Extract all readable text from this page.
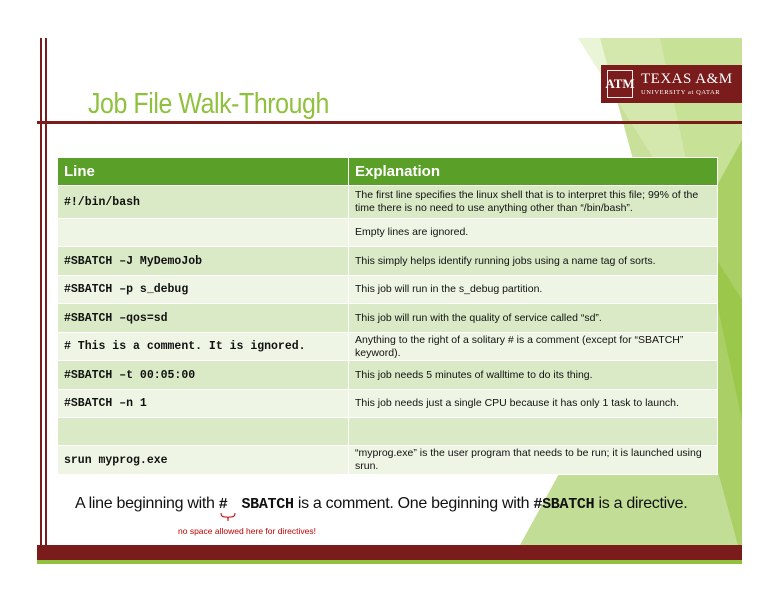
ATM TEXAS A&M
UNIVERSITY at QATAR
Job File Walk-Through
Line	Explanation
#!/bin/bash	The first line specifies the linux shell that is to interpret this file; 99% of the time there is no need to use anything other than “/bin/bash”.
	Empty lines are ignored.
#SBATCH –J MyDemoJob	This simply helps identify running jobs using a name tag of sorts.
#SBATCH –p s_debug	This job will run in the s_debug partition.
#SBATCH –qos=sd	This job will run with the quality of service called “sd”.
# This is a comment. It is ignored.	Anything to the right of a solitary # is a comment (except for “SBATCH” keyword).
#SBATCH –t 00:05:00	This job needs 5 minutes of walltime to do its thing.
#SBATCH –n 1	This job needs just a single CPU because it has only 1 task to launch.

srun myprog.exe	“myprog.exe” is the user program that needs to be run; it is launched using srun.
A line beginning with # SBATCH is a comment. One beginning with #SBATCH is a directive.
no space allowed here for directives!
